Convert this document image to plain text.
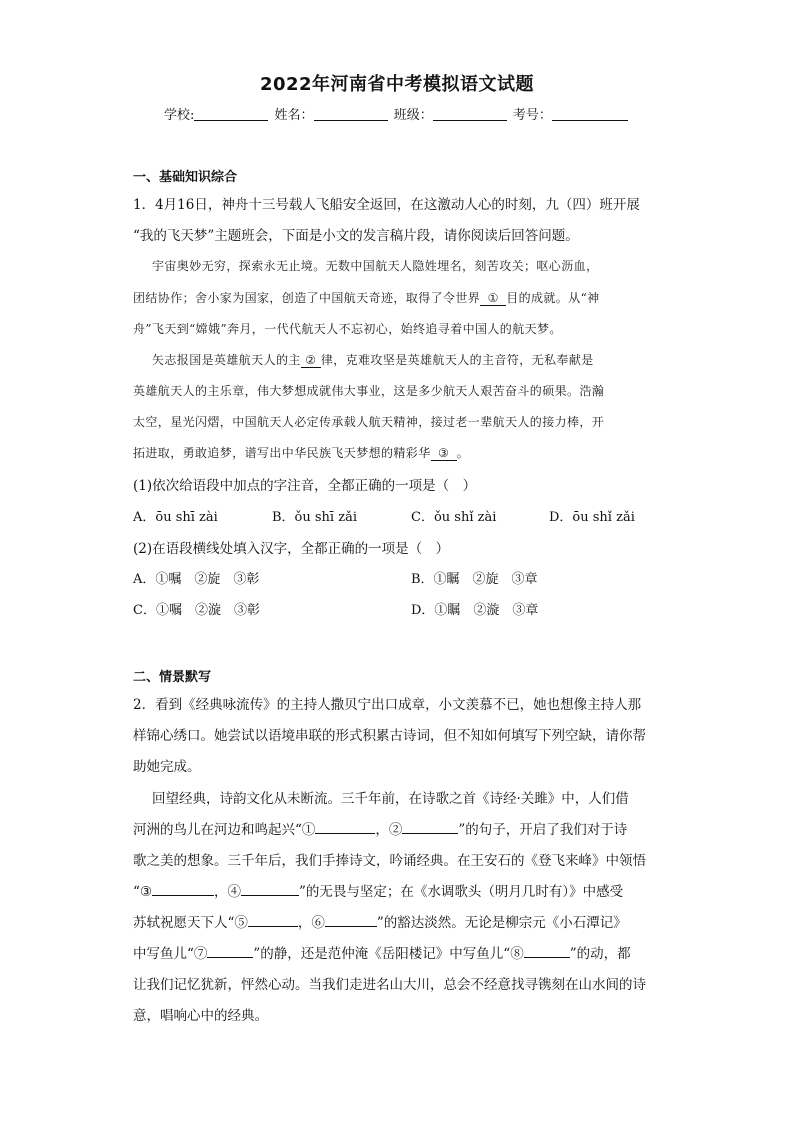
2022年河南省中考模拟语文试题
学校:	姓名：	班级：	考号：
一、基础知识综合
1．4月16日，神舟十三号载人飞船安全返回，在这激动人心的时刻，九（四）班开展
“我的飞天梦”主题班会，下面是小文的发言稿片段，请你阅读后回答问题。
宇宙奥妙无穷，探索永无止境。无数中国航天人隐姓埋名，刻苦攻关；呕心沥血，
团结协作；舍小家为国家，创造了中国航天奇迹，取得了令世界 ① 目的成就。从“神
舟”飞天到“嫦娥”奔月，一代代航天人不忘初心，始终追寻着中国人的航天梦。
矢志报国是英雄航天人的主 ② 律，克难攻坚是英雄航天人的主音符，无私奉献是
英雄航天人的主乐章，伟大梦想成就伟大事业，这是多少航天人艰苦奋斗的硕果。浩瀚
太空，星光闪熠，中国航天人必定传承载人航天精神，接过老一辈航天人的接力棒，开
拓进取，勇敢追梦，谱写出中华民族飞天梦想的精彩华 ③ 。
(1)依次给语段中加点的字注音，全都正确的一项是（　）
A．ōu shī zài	B．ǒu shī zǎi	C．ǒu shǐ zài	D．ōu shǐ zǎi
(2)在语段横线处填入汉字，全都正确的一项是（　）
A．①嘱　②旋　③彰	B．①瞩　②旋　③章
C．①嘱　②漩　③彰	D．①瞩　②漩　③章
二、情景默写
2．看到《经典咏流传》的主持人撒贝宁出口成章，小文羡慕不已，她也想像主持人那
样锦心绣口。她尝试以语境串联的形式积累古诗词，但不知如何填写下列空缺，请你帮
助她完成。
回望经典，诗韵文化从未断流。三千年前，在诗歌之首《诗经·关雎》中，人们借
河洲的鸟儿在河边和鸣起兴“①	，②	”的句子，开启了我们对于诗
歌之美的想象。三千年后，我们手捧诗文，吟诵经典。在王安石的《登飞来峰》中领悟
“③	，④	”的无畏与坚定；在《水调歌头（明月几时有）》中感受
苏轼祝愿天下人“⑤	，⑥	”的豁达淡然。无论是柳宗元《小石潭记》
中写鱼儿“⑦	”的静，还是范仲淹《岳阳楼记》中写鱼儿“⑧	”的动，都
让我们记忆犹新，怦然心动。当我们走进名山大川，总会不经意找寻镌刻在山水间的诗
意，唱响心中的经典。
